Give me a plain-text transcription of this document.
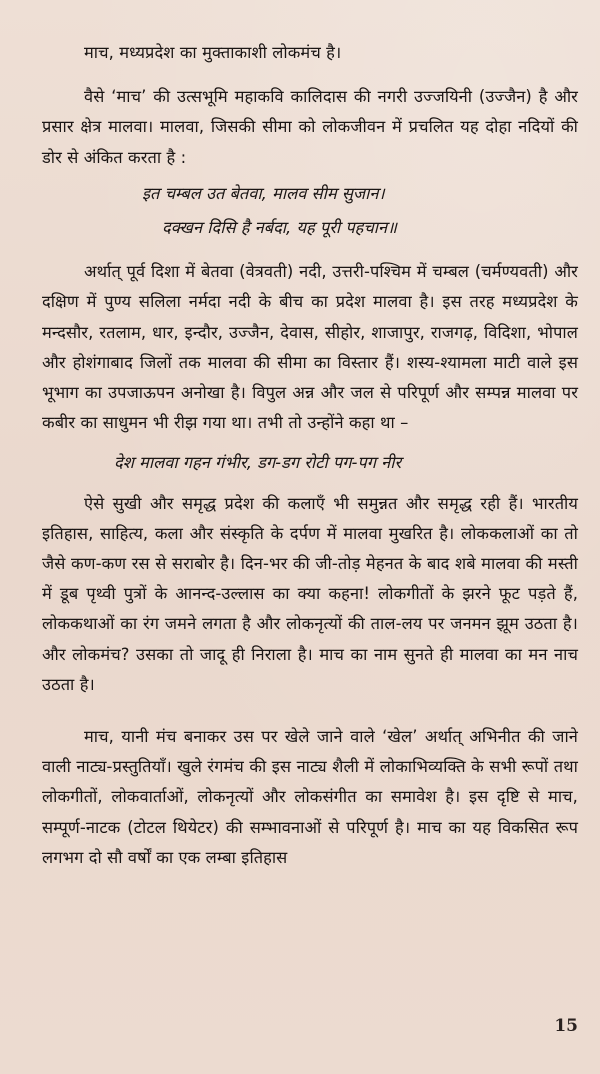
माच, मध्यप्रदेश का मुक्ताकाशी लोकमंच है।

वैसे ‘माच’ की उत्सभूमि महाकवि कालिदास की नगरी उज्जयिनी (उज्जैन) है और प्रसार क्षेत्र मालवा। मालवा, जिसकी सीमा को लोकजीवन में प्रचलित यह दोहा नदियों की डोर से अंकित करता है :

इत चम्बल उत बेतवा, मालव सीम सुजान।

दक्खन दिसि है नर्बदा, यह पूरी पहचान॥

अर्थात् पूर्व दिशा में बेतवा (वेत्रवती) नदी, उत्तरी-पश्चिम में चम्बल (चर्मण्यवती) और दक्षिण में पुण्य सलिला नर्मदा नदी के बीच का प्रदेश मालवा है। इस तरह मध्यप्रदेश के मन्दसौर, रतलाम, धार, इन्दौर, उज्जैन, देवास, सीहोर, शाजापुर, राजगढ़, विदिशा, भोपाल और होशंगाबाद जिलों तक मालवा की सीमा का विस्तार हैं। शस्य-श्यामला माटी वाले इस भूभाग का उपजाऊपन अनोखा है। विपुल अन्न और जल से परिपूर्ण और सम्पन्न मालवा पर कबीर का साधुमन भी रीझ गया था। तभी तो उन्होंने कहा था –

देश मालवा गहन गंभीर, डग-डग रोटी पग-पग नीर

ऐसे सुखी और समृद्ध प्रदेश की कलाएँ भी समुन्नत और समृद्ध रही हैं। भारतीय इतिहास, साहित्य, कला और संस्कृति के दर्पण में मालवा मुखरित है। लोककलाओं का तो जैसे कण-कण रस से सराबोर है। दिन-भर की जी-तोड़ मेहनत के बाद शबे मालवा की मस्ती में डूब पृथ्वी पुत्रों के आनन्द-उल्लास का क्या कहना! लोकगीतों के झरने फूट पड़ते हैं, लोककथाओं का रंग जमने लगता है और लोकनृत्यों की ताल-लय पर जनमन झूम उठता है। और लोकमंच? उसका तो जादू ही निराला है। माच का नाम सुनते ही मालवा का मन नाच उठता है।

माच, यानी मंच बनाकर उस पर खेले जाने वाले ‘खेल’ अर्थात् अभिनीत की जाने वाली नाट्य-प्रस्तुतियाँ। खुले रंगमंच की इस नाट्य शैली में लोकाभिव्यक्ति के सभी रूपों तथा लोकगीतों, लोकवार्ताओं, लोकनृत्यों और लोकसंगीत का समावेश है। इस दृष्टि से माच, सम्पूर्ण-नाटक (टोटल थियेटर) की सम्भावनाओं से परिपूर्ण है। माच का यह विकसित रूप लगभग दो सौ वर्षों का एक लम्बा इतिहास

15
